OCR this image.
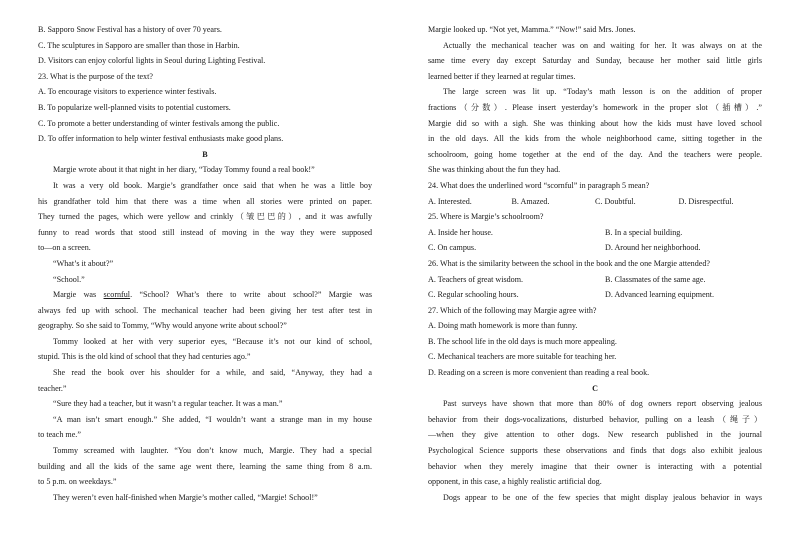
B. Sapporo Snow Festival has a history of over 70 years.
C. The sculptures in Sapporo are smaller than those in Harbin.
D. Visitors can enjoy colorful lights in Seoul during Lighting Festival.
23. What is the purpose of the text?
A. To encourage visitors to experience winter festivals.
B. To popularize well-planned visits to potential customers.
C. To promote a better understanding of winter festivals among the public.
D. To offer information to help winter festival enthusiasts make good plans.
B
Margie wrote about it that night in her diary, “Today Tommy found a real book!”
It was a very old book. Margie’s grandfather once said that when he was a little boy
his grandfather told him that there was a time when all stories were printed on paper.
They turned the pages, which were yellow and crinkly（皱巴巴的）, and it was awfully
funny to read words that stood still instead of moving in the way they were supposed
to—on a screen.
“What’s it about?”
“School.”
Margie was scornful. “School? What’s there to write about school?” Margie was
always fed up with school. The mechanical teacher had been giving her test after test in
geography. So she said to Tommy, “Why would anyone write about school?”
Tommy looked at her with very superior eyes, “Because it’s not our kind of school,
stupid. This is the old kind of school that they had centuries ago.”
She read the book over his shoulder for a while, and said, “Anyway, they had a
teacher.”
“Sure they had a teacher, but it wasn’t a regular teacher. It was a man.”
“A man isn’t smart enough.” She added, “I wouldn’t want a strange man in my house
to teach me.”
Tommy screamed with laughter. “You don’t know much, Margie. They had a special
building and all the kids of the same age went there, learning the same thing from 8 a.m.
to 5 p.m. on weekdays.”
They weren’t even half-finished when Margie’s mother called, “Margie! School!”
Margie looked up. “Not yet, Mamma.” “Now!” said Mrs. Jones.
Actually the mechanical teacher was on and waiting for her. It was always on at the
same time every day except Saturday and Sunday, because her mother said little girls
learned better if they learned at regular times.
The large screen was lit up. “Today’s math lesson is on the addition of proper
fractions（分数）. Please insert yesterday’s homework in the proper slot（插槽）.”
Margie did so with a sigh. She was thinking about how the kids must have loved school
in the old days. All the kids from the whole neighborhood came, sitting together in the
schoolroom, going home together at the end of the day. And the teachers were people.
She was thinking about the fun they had.
24. What does the underlined word “scornful” in paragraph 5 mean?
A. Interested.	B. Amazed.	C. Doubtful.	D. Disrespectful.
25. Where is Margie’s schoolroom?
A. Inside her house.	B. In a special building.
C. On campus.	D. Around her neighborhood.
26. What is the similarity between the school in the book and the one Margie attended?
A. Teachers of great wisdom.	B. Classmates of the same age.
C. Regular schooling hours.	D. Advanced learning equipment.
27. Which of the following may Margie agree with?
A. Doing math homework is more than funny.
B. The school life in the old days is much more appealing.
C. Mechanical teachers are more suitable for teaching her.
D. Reading on a screen is more convenient than reading a real book.
C
Past surveys have shown that more than 80% of dog owners report observing jealous
behavior from their dogs-vocalizations, disturbed behavior, pulling on a leash（绳子）
—when they give attention to other dogs. New research published in the journal
Psychological Science supports these observations and finds that dogs also exhibit jealous
behavior when they merely imagine that their owner is interacting with a potential
opponent, in this case, a highly realistic artificial dog.
Dogs appear to be one of the few species that might display jealous behavior in ways
